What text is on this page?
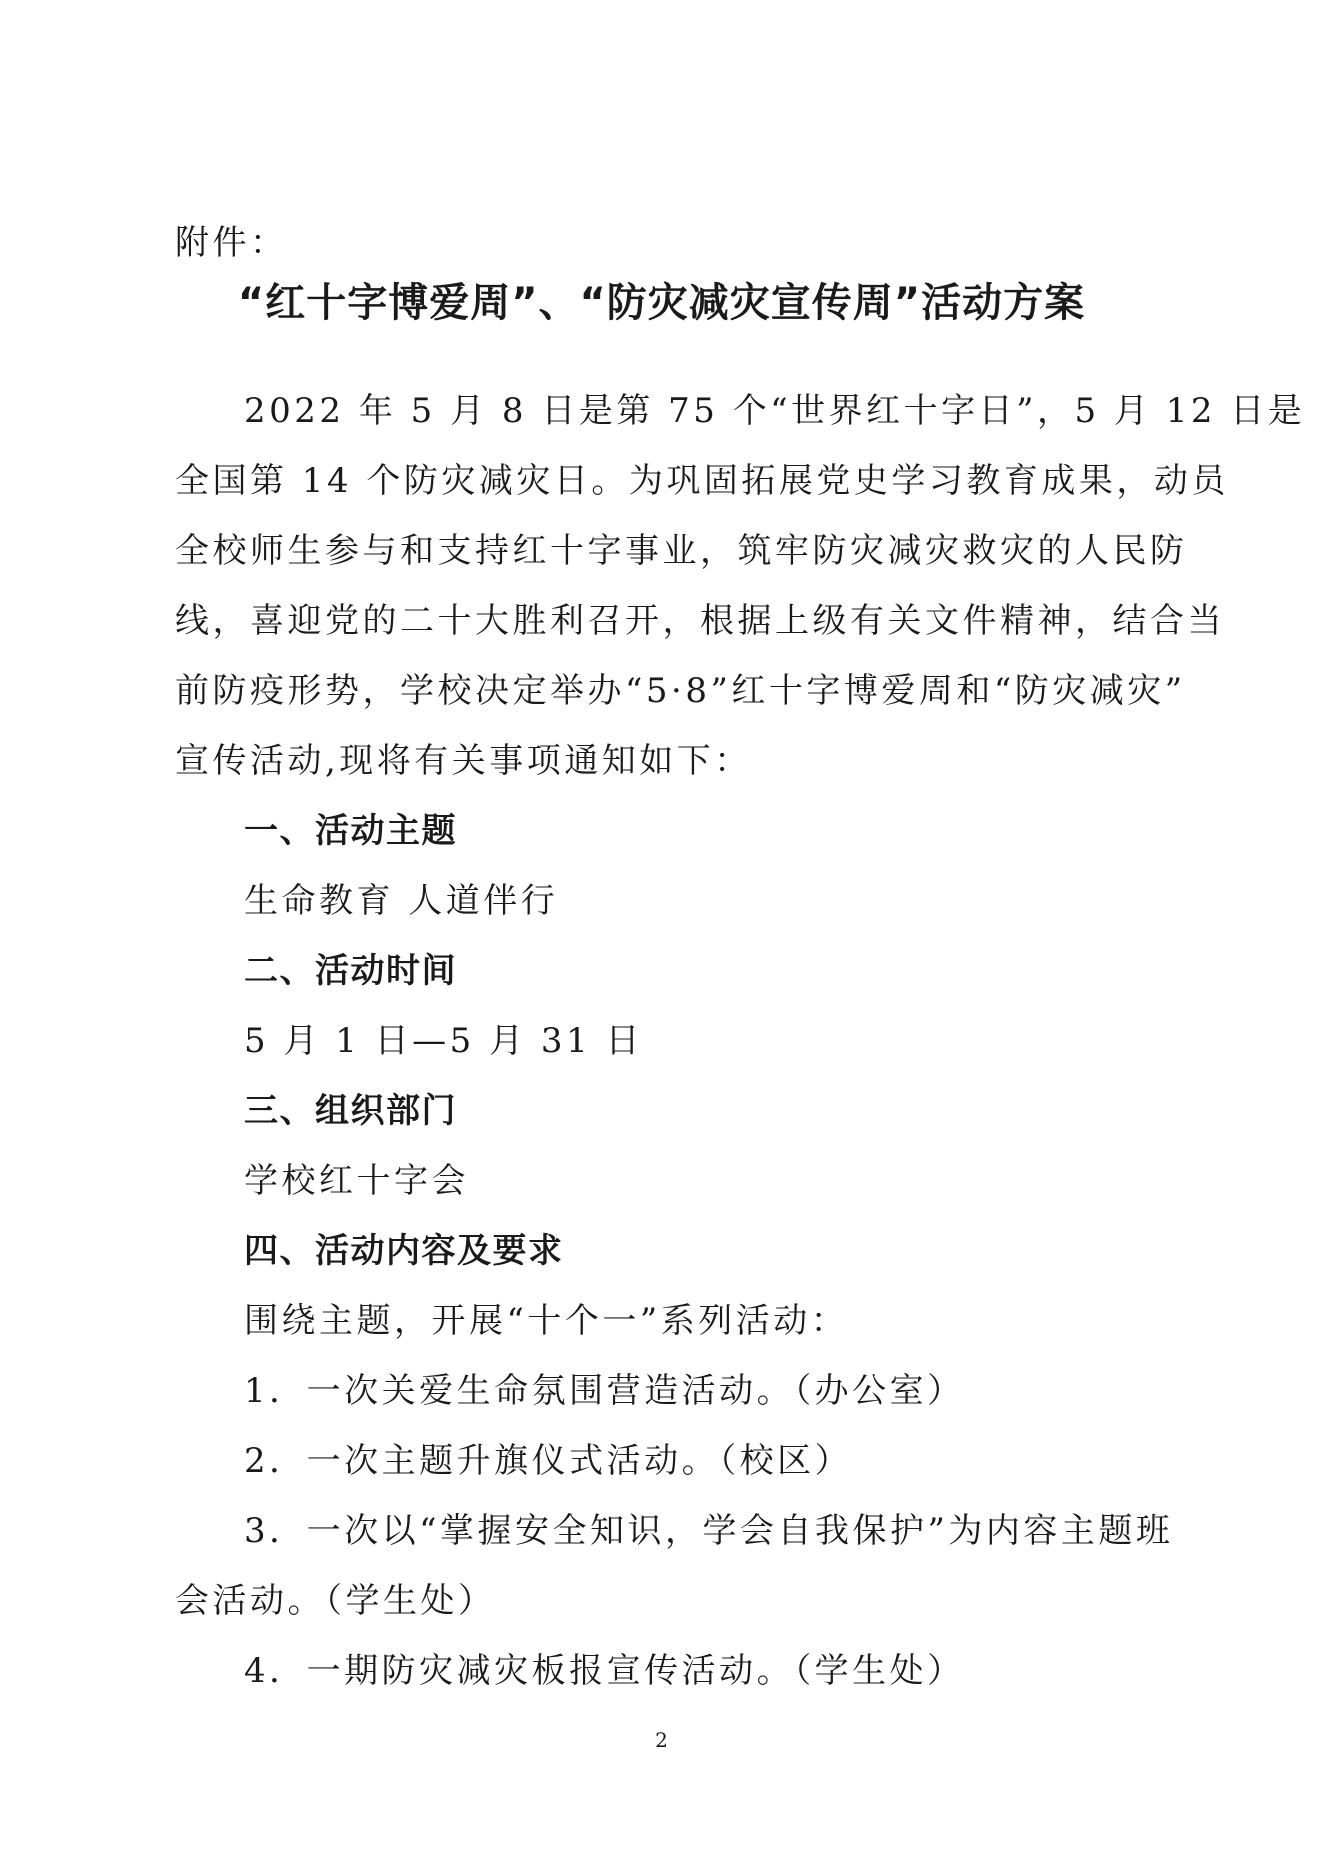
附件：
“红十字博爱周”、“防灾减灾宣传周”活动方案
2022 年 5 月 8 日是第 75 个“世界红十字日”，5 月 12 日是
全国第 14 个防灾减灾日。为巩固拓展党史学习教育成果，动员
全校师生参与和支持红十字事业，筑牢防灾减灾救灾的人民防
线，喜迎党的二十大胜利召开，根据上级有关文件精神，结合当
前防疫形势，学校决定举办“5·8”红十字博爱周和“防灾减灾”
宣传活动,现将有关事项通知如下：
一、活动主题
生命教育 人道伴行
二、活动时间
5 月 1 日—5 月 31 日
三、组织部门
学校红十字会
四、活动内容及要求
围绕主题，开展“十个一”系列活动：
1．一次关爱生命氛围营造活动。（办公室）
2．一次主题升旗仪式活动。（校区）
3．一次以“掌握安全知识，学会自我保护”为内容主题班
会活动。（学生处）
4．一期防灾减灾板报宣传活动。（学生处）
2
